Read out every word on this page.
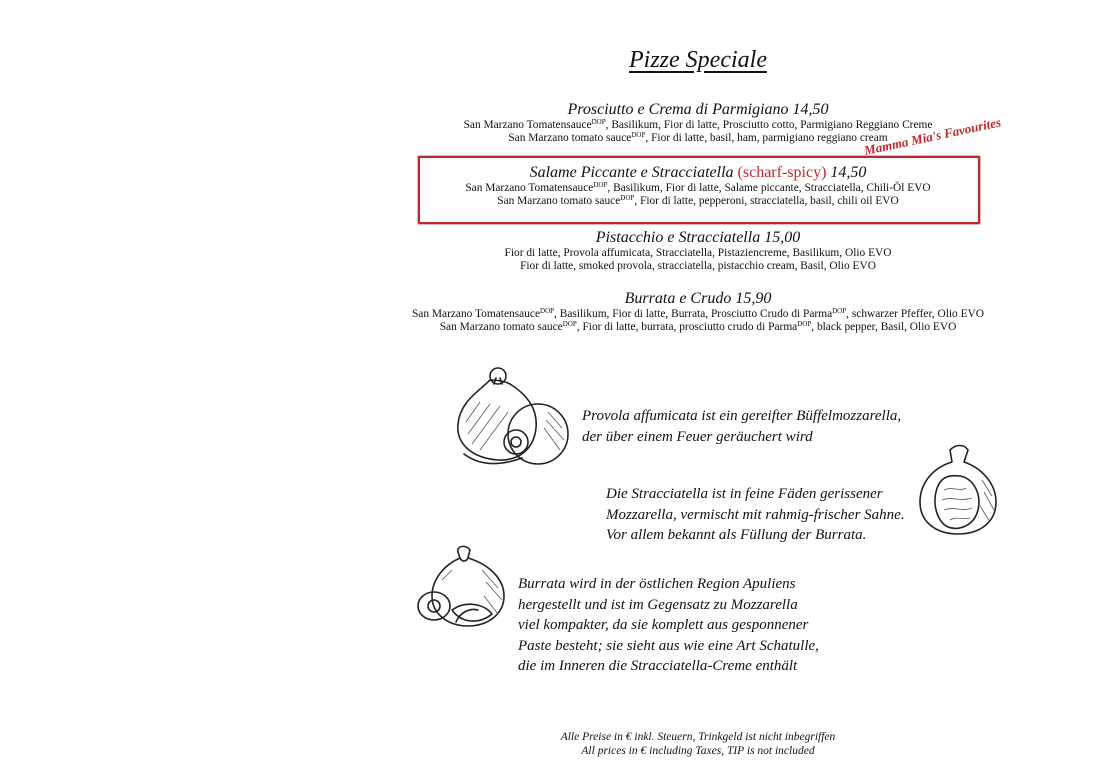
Pizze Speciale
Mamma Mia's Favourites
Prosciutto e Crema di Parmigiano 14,50
San Marzano Tomatensauce$^{DOP}$, Basilikum, Fior di latte, Prosciutto cotto, Parmigiano Reggiano Creme
San Marzano tomato sauce$^{DOP}$, Fior di latte, basil, ham, parmigiano reggiano cream
Salame Piccante e Stracciatella (scharf-spicy) 14,50
San Marzano Tomatensauce$^{DOP}$, Basilikum, Fior di latte, Salame piccante, Stracciatella, Chili-Öl EVO
San Marzano tomato sauce$^{DOP}$, Fior di latte, pepperoni, stracciatella, basil, chili oil EVO
Pistacchio e Stracciatella 15,00
Fior di latte, Provola affumicata, Stracciatella, Pistaziencreme, Basilikum, Olio EVO
Fior di latte, smoked provola, stracciatella, pistacchio cream, Basil, Olio EVO
Burrata e Crudo 15,90
San Marzano Tomatensauce$^{DOP}$, Basilikum, Fior di latte, Burrata, Prosciutto Crudo di Parma$^{DOP}$, schwarzer Pfeffer, Olio EVO
San Marzano tomato sauce$^{DOP}$, Fior di latte, burrata, prosciutto crudo di Parma$^{DOP}$, black pepper, Basil, Olio EVO
Provola affumicata ist ein gereifter Büffelmozzarella,
der über einem Feuer geräuchert wird
Die Stracciatella ist in feine Fäden gerissener
Mozzarella, vermischt mit rahmig-frischer Sahne.
Vor allem bekannt als Füllung der Burrata.
Burrata wird in der östlichen Region Apuliens
hergestellt und ist im Gegensatz zu Mozzarella
viel kompakter, da sie komplett aus gesponnener
Paste besteht; sie sieht aus wie eine Art Schatulle,
die im Inneren die Stracciatella-Creme enthält
Alle Preise in € inkl. Steuern, Trinkgeld ist nicht inbegriffen
All prices in € including Taxes, TIP is not included
